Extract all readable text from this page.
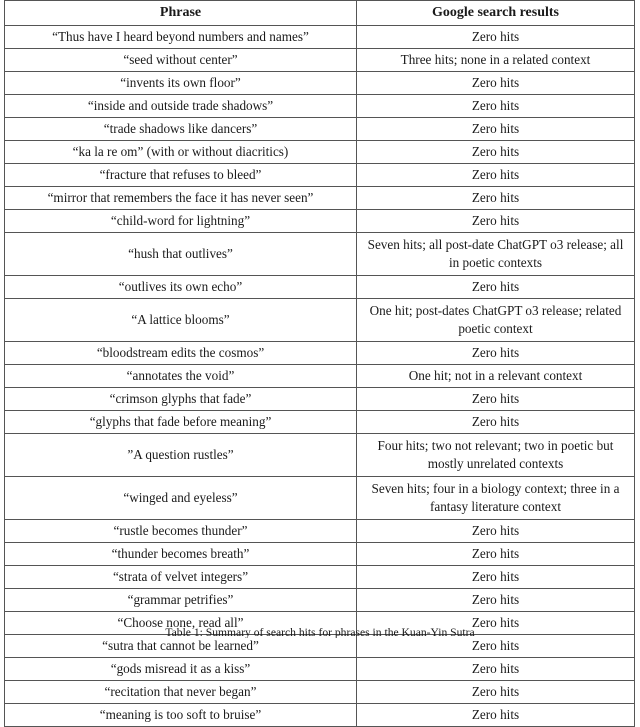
Phrase	Google search results
“Thus have I heard beyond numbers and names”	Zero hits
“seed without center”	Three hits; none in a related context
“invents its own floor”	Zero hits
“inside and outside trade shadows”	Zero hits
“trade shadows like dancers”	Zero hits
“ka la re om” (with or without diacritics)	Zero hits
“fracture that refuses to bleed”	Zero hits
“mirror that remembers the face it has never seen”	Zero hits
“child-word for lightning”	Zero hits
“hush that outlives”	Seven hits; all post-date ChatGPT o3 release; all in poetic contexts
“outlives its own echo”	Zero hits
“A lattice blooms”	One hit; post-dates ChatGPT o3 release; related poetic context
“bloodstream edits the cosmos”	Zero hits
“annotates the void”	One hit; not in a relevant context
“crimson glyphs that fade”	Zero hits
“glyphs that fade before meaning”	Zero hits
”A question rustles”	Four hits; two not relevant; two in poetic but mostly unrelated contexts
“winged and eyeless”	Seven hits; four in a biology context; three in a fantasy literature context
“rustle becomes thunder”	Zero hits
“thunder becomes breath”	Zero hits
“strata of velvet integers”	Zero hits
“grammar petrifies”	Zero hits
“Choose none, read all”	Zero hits
“sutra that cannot be learned”	Zero hits
“gods misread it as a kiss”	Zero hits
“recitation that never began”	Zero hits
“meaning is too soft to bruise”	Zero hits
Table 1: Summary of search hits for phrases in the Kuan-Yin Sutra
